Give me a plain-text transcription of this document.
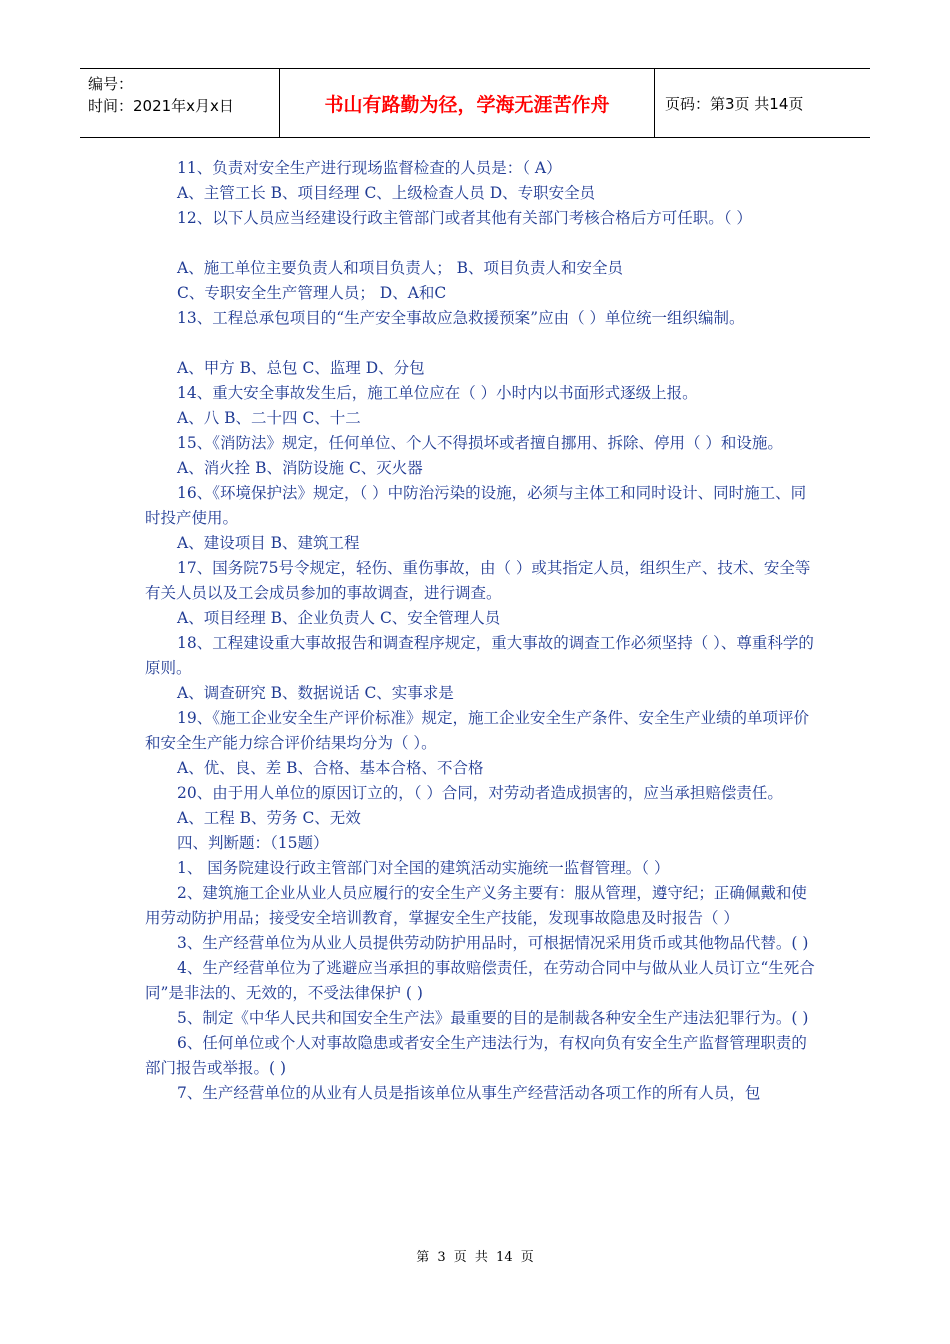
编号：
时间：2021年x月x日	书山有路勤为径，学海无涯苦作舟	页码：第3页 共14页

11、负责对安全生产进行现场监督检查的人员是：（ A）

A、主管工长 B、项目经理 C、上级检查人员 D、专职安全员

12、以下人员应当经建设行政主管部门或者其他有关部门考核合格后方可任职。（ ）

A、施工单位主要负责人和项目负责人； B、项目负责人和安全员

C、专职安全生产管理人员； D、A和C

13、工程总承包项目的“生产安全事故应急救援预案”应由（ ）单位统一组织编制。

A、甲方 B、总包 C、监理 D、分包

14、重大安全事故发生后，施工单位应在（ ）小时内以书面形式逐级上报。

A、八 B、二十四 C、十二

15、《消防法》规定，任何单位、个人不得损坏或者擅自挪用、拆除、停用（ ）和设施。

A、消火拴 B、消防设施 C、灭火器

16、《环境保护法》规定，（ ）中防治污染的设施，必须与主体工和同时设计、同时施工、同时投产使用。

A、建设项目 B、建筑工程

17、国务院75号令规定，轻伤、重伤事故，由（ ）或其指定人员，组织生产、技术、安全等有关人员以及工会成员参加的事故调查，进行调查。

A、项目经理 B、企业负责人 C、安全管理人员

18、工程建设重大事故报告和调查程序规定，重大事故的调查工作必须坚持（ ）、尊重科学的原则。

A、调查研究 B、数据说话 C、实事求是

19、《施工企业安全生产评价标准》规定，施工企业安全生产条件、安全生产业绩的单项评价和安全生产能力综合评价结果均分为（ ）。

A、优、良、差 B、合格、基本合格、不合格

20、由于用人单位的原因订立的，（ ）合同，对劳动者造成损害的，应当承担赔偿责任。

A、工程 B、劳务 C、无效

四、判断题：（15题）

1、 国务院建设行政主管部门对全国的建筑活动实施统一监督管理。（ ）

2、建筑施工企业从业人员应履行的安全生产义务主要有：服从管理，遵守纪；正确佩戴和使用劳动防护用品；接受安全培训教育，掌握安全生产技能，发现事故隐患及时报告（ ）

3、生产经营单位为从业人员提供劳动防护用品时，可根据情况采用货币或其他物品代替。( )

4、生产经营单位为了逃避应当承担的事故赔偿责任，在劳动合同中与做从业人员订立“生死合同”是非法的、无效的，不受法律保护 ( )

5、制定《中华人民共和国安全生产法》最重要的目的是制裁各种安全生产违法犯罪行为。( )

6、任何单位或个人对事故隐患或者安全生产违法行为，有权向负有安全生产监督管理职责的部门报告或举报。( )

7、生产经营单位的从业有人员是指该单位从事生产经营活动各项工作的所有人员，包

第 3 页 共 14 页
